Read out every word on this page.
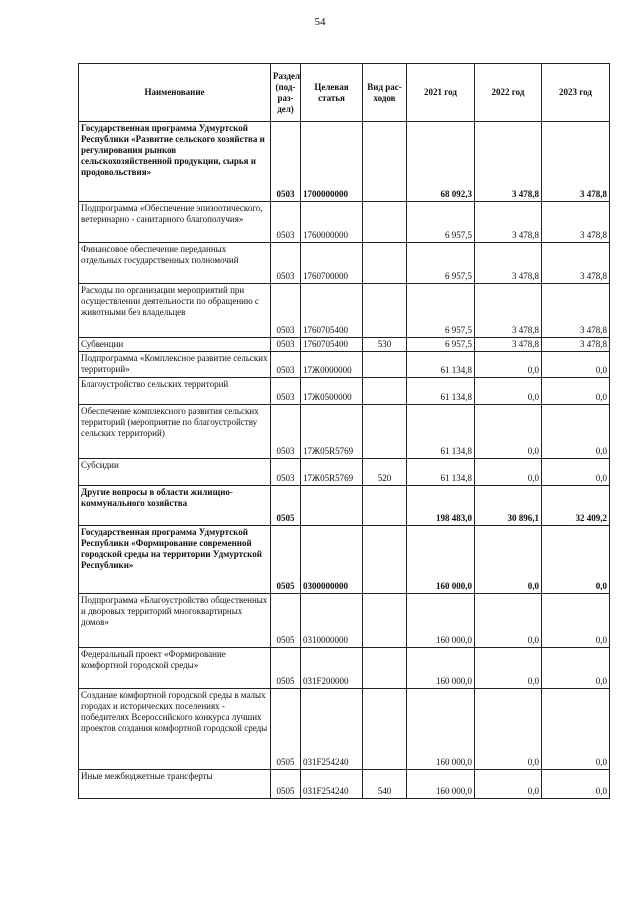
54
Наименование	Раздел (под- раз- дел)	Целевая статья	Вид рас- ходов	2021 год	2022 год	2023 год
Государственная программа Удмуртской Республики «Развитие сельского хозяйства и регулирования рынков сельскохозяйственной продукции, сырья и продовольствия»	0503	1700000000		68 092,3	3 478,8	3 478,8
Подпрограмма «Обеспечение эпизоотического, ветеринарно - санитарного благополучия»	0503	1760000000		6 957,5	3 478,8	3 478,8
Финансовое обеспечение переданных отдельных государственных полномочий	0503	1760700000		6 957,5	3 478,8	3 478,8
Расходы по организации мероприятий при осуществлении деятельности по обращению с животными без владельцев	0503	1760705400		6 957,5	3 478,8	3 478,8
Субвенции	0503	1760705400	530	6 957,5	3 478,8	3 478,8
Подпрограмма «Комплексное развитие сельских территорий»	0503	17Ж0000000		61 134,8	0,0	0,0
Благоустройство сельских территорий	0503	17Ж0500000		61 134,8	0,0	0,0
Обеспечение комплексного развития сельских территорий (мероприятие по благоустройству сельских территорий)	0503	17Ж05R5769		61 134,8	0,0	0,0
Субсидии	0503	17Ж05R5769	520	61 134,8	0,0	0,0
Другие вопросы в области жилищно-коммунального хозяйства	0505			198 483,0	30 896,1	32 409,2
Государственная программа Удмуртской Республики «Формирование современной городской среды на территории Удмуртской Республики»	0505	0300000000		160 000,0	0,0	0,0
Подпрограмма «Благоустройство общественных и дворовых территорий многоквартирных домов»	0505	0310000000		160 000,0	0,0	0,0
Федеральный проект «Формирование комфортной городской среды»	0505	031F200000		160 000,0	0,0	0,0
Создание комфортной городской среды в малых городах и исторических поселениях - победителях Всероссийского конкурса лучших проектов создания комфортной городской среды	0505	031F254240		160 000,0	0,0	0,0
Иные межбюджетные трансферты	0505	031F254240	540	160 000,0	0,0	0,0
